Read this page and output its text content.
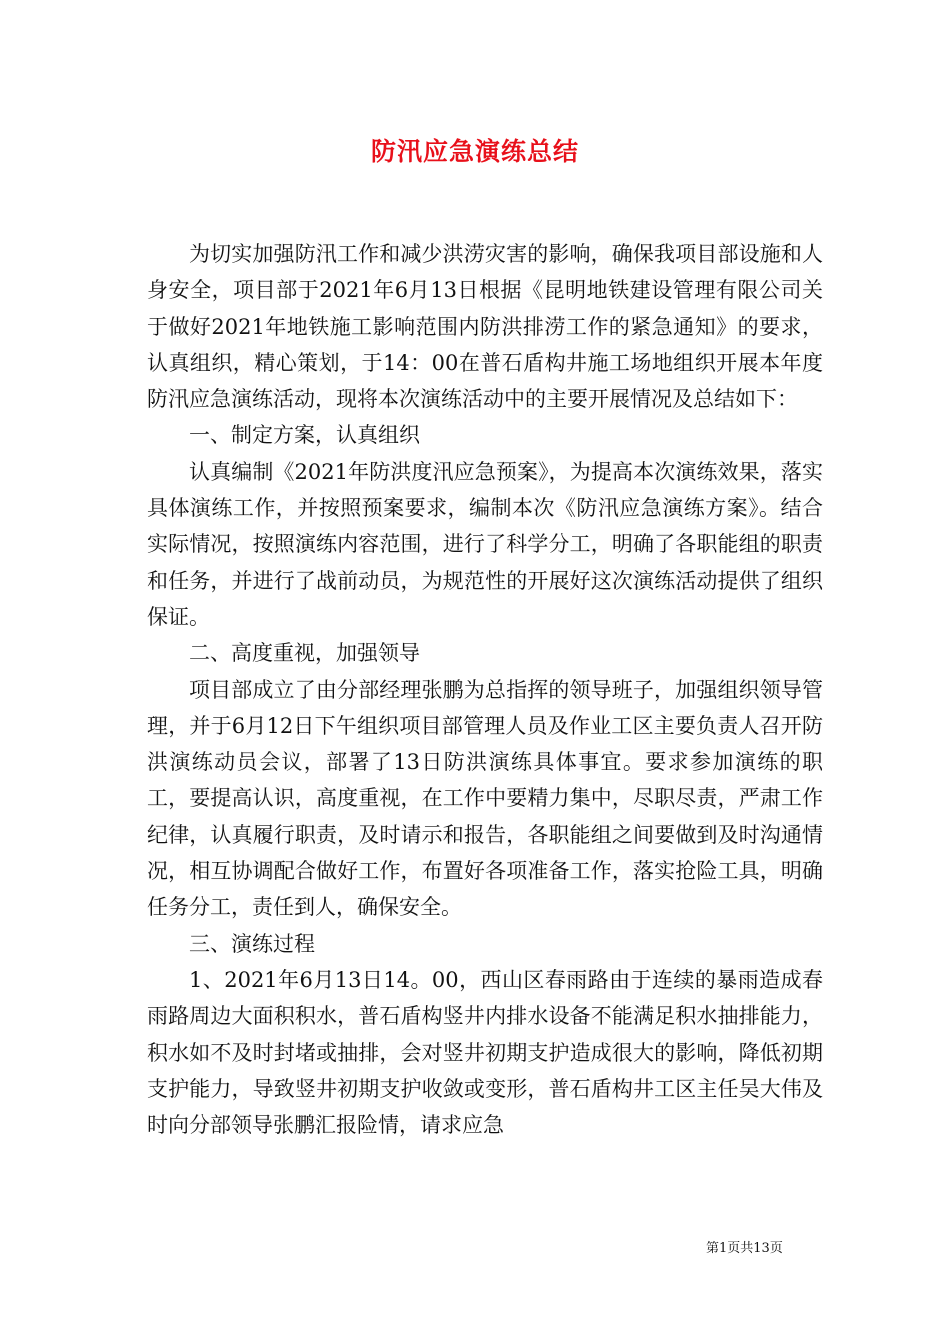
防汛应急演练总结

为切实加强防汛工作和减少洪涝灾害的影响，确保我项目部设施和人身安全，项目部于2021年6月13日根据《昆明地铁建设管理有限公司关于做好2021年地铁施工影响范围内防洪排涝工作的紧急通知》的要求，认真组织，精心策划，于14：00在普石盾构井施工场地组织开展本年度防汛应急演练活动，现将本次演练活动中的主要开展情况及总结如下：

一、制定方案，认真组织

认真编制《2021年防洪度汛应急预案》，为提高本次演练效果，落实具体演练工作，并按照预案要求，编制本次《防汛应急演练方案》。结合实际情况，按照演练内容范围，进行了科学分工，明确了各职能组的职责和任务，并进行了战前动员，为规范性的开展好这次演练活动提供了组织保证。

二、高度重视，加强领导

项目部成立了由分部经理张鹏为总指挥的领导班子，加强组织领导管理，并于6月12日下午组织项目部管理人员及作业工区主要负责人召开防洪演练动员会议，部署了13日防洪演练具体事宜。要求参加演练的职工，要提高认识，高度重视，在工作中要精力集中，尽职尽责，严肃工作纪律，认真履行职责，及时请示和报告，各职能组之间要做到及时沟通情况，相互协调配合做好工作，布置好各项准备工作，落实抢险工具，明确任务分工，责任到人，确保安全。

三、演练过程

1、2021年6月13日14。00，西山区春雨路由于连续的暴雨造成春雨路周边大面积积水，普石盾构竖井内排水设备不能满足积水抽排能力，积水如不及时封堵或抽排，会对竖井初期支护造成很大的影响，降低初期支护能力，导致竖井初期支护收敛或变形，普石盾构井工区主任吴大伟及时向分部领导张鹏汇报险情，请求应急

第1页共13页
